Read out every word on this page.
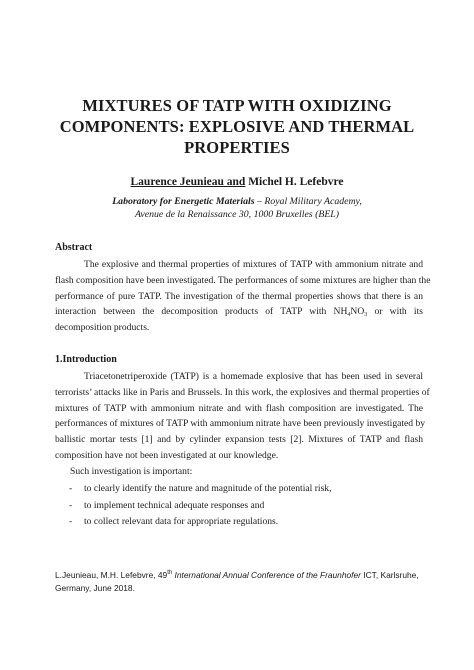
MIXTURES OF TATP WITH OXIDIZING
COMPONENTS: EXPLOSIVE AND THERMAL
PROPERTIES
Laurence Jeunieau and Michel H. Lefebvre
Laboratory for Energetic Materials – Royal Military Academy,
Avenue de la Renaissance 30, 1000 Bruxelles (BEL)
Abstract
The explosive and thermal properties of mixtures of TATP with ammonium nitrate and
flash composition have been investigated. The performances of some mixtures are higher than the
performance of pure TATP. The investigation of the thermal properties shows that there is an
interaction between the decomposition products of TATP with $NH_4NO_3$ or with its
decomposition products.
1.Introduction
Triacetonetriperoxide (TATP) is a homemade explosive that has been used in several
terrorists’ attacks like in Paris and Brussels. In this work, the explosives and thermal properties of
mixtures of TATP with ammonium nitrate and with flash composition are investigated. The
performances of mixtures of TATP with ammonium nitrate have been previously investigated by
ballistic mortar tests [1] and by cylinder expansion tests [2]. Mixtures of TATP and flash
composition have not been investigated at our knowledge.
Such investigation is important:
- to clearly identify the nature and magnitude of the potential risk,
- to implement technical adequate responses and
- to collect relevant data for appropriate regulations.
L.Jeunieau, M.H. Lefebvre, 49th International Annual Conference of the Fraunhofer ICT, Karlsruhe,
Germany, June 2018.
